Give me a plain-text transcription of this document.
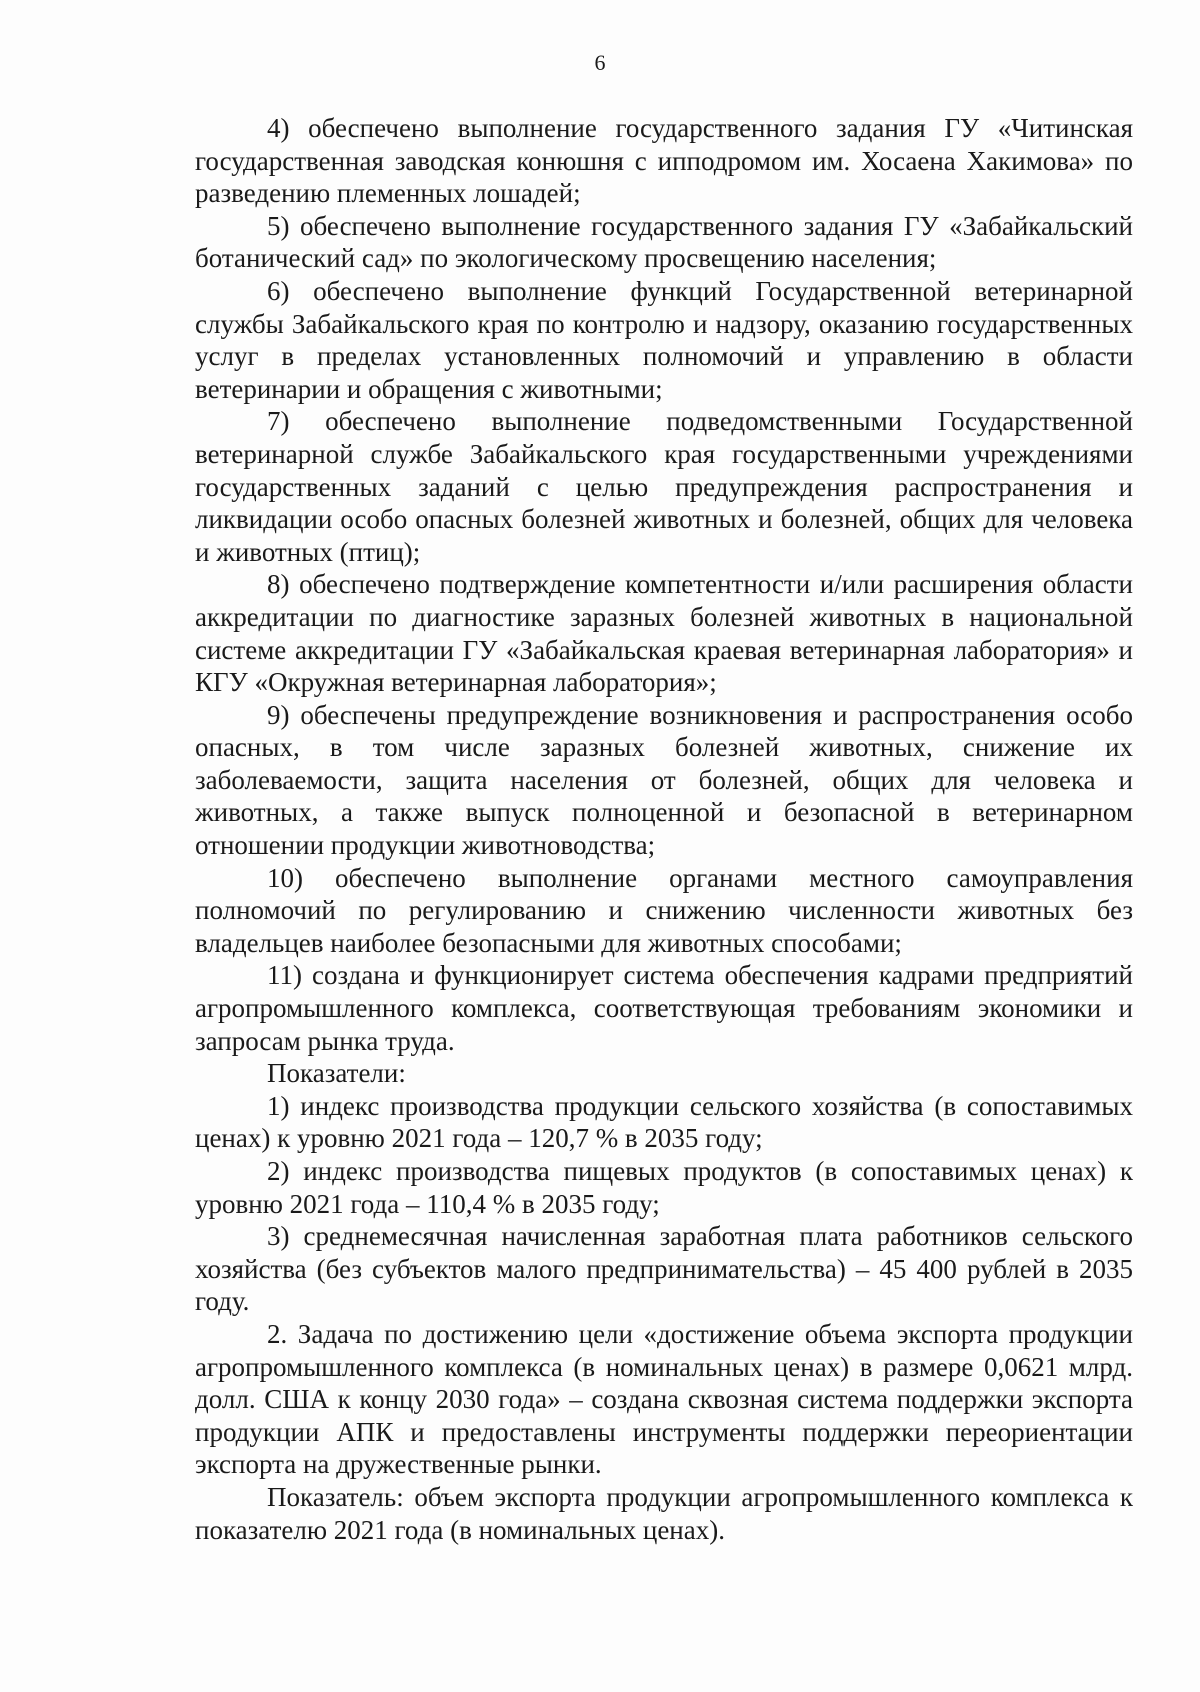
6

4) обеспечено выполнение государственного задания ГУ «Читинская государственная заводская конюшня с ипподромом им. Хосаена Хакимова» по разведению племенных лошадей;

5) обеспечено выполнение государственного задания ГУ «Забайкальский ботанический сад» по экологическому просвещению населения;

6) обеспечено выполнение функций Государственной ветеринарной службы Забайкальского края по контролю и надзору, оказанию государственных услуг в пределах установленных полномочий и управлению в области ветеринарии и обращения с животными;

7) обеспечено выполнение подведомственными Государственной ветеринарной службе Забайкальского края государственными учреждениями государственных заданий с целью предупреждения распространения и ликвидации особо опасных болезней животных и болезней, общих для человека и животных (птиц);

8) обеспечено подтверждение компетентности и/или расширения области аккредитации по диагностике заразных болезней животных в национальной системе аккредитации ГУ «Забайкальская краевая ветеринарная лаборатория» и КГУ «Окружная ветеринарная лаборатория»;

9) обеспечены предупреждение возникновения и распространения особо опасных, в том числе заразных болезней животных, снижение их заболеваемости, защита населения от болезней, общих для человека и животных, а также выпуск полноценной и безопасной в ветеринарном отношении продукции животноводства;

10) обеспечено выполнение органами местного самоуправления полномочий по регулированию и снижению численности животных без владельцев наиболее безопасными для животных способами;

11) создана и функционирует система обеспечения кадрами предприятий агропромышленного комплекса, соответствующая требованиям экономики и запросам рынка труда.

Показатели:

1) индекс производства продукции сельского хозяйства (в сопоставимых ценах) к уровню 2021 года – 120,7 % в 2035 году;

2) индекс производства пищевых продуктов (в сопоставимых ценах) к уровню 2021 года – 110,4 % в 2035 году;

3) среднемесячная начисленная заработная плата работников сельского хозяйства (без субъектов малого предпринимательства) – 45 400 рублей в 2035 году.

2. Задача по достижению цели «достижение объема экспорта продукции агропромышленного комплекса (в номинальных ценах) в размере 0,0621 млрд. долл. США к концу 2030 года» – создана сквозная система поддержки экспорта продукции АПК и предоставлены инструменты поддержки переориентации экспорта на дружественные рынки.

Показатель: объем экспорта продукции агропромышленного комплекса к показателю 2021 года (в номинальных ценах).
